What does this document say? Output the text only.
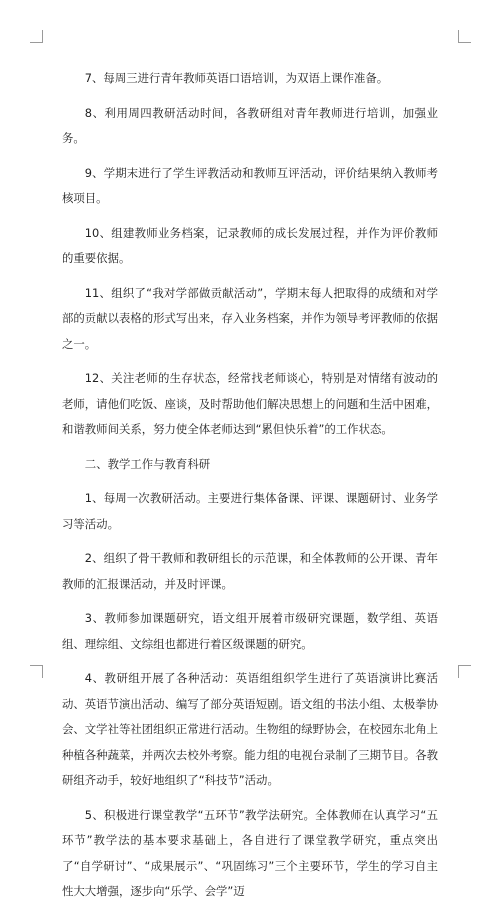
7、每周三进行青年教师英语口语培训，为双语上课作准备。

8、利用周四教研活动时间，各教研组对青年教师进行培训，加强业务。

9、学期末进行了学生评教活动和教师互评活动，评价结果纳入教师考核项目。

10、组建教师业务档案，记录教师的成长发展过程，并作为评价教师的重要依据。

11、组织了“我对学部做贡献活动”，学期末每人把取得的成绩和对学部的贡献以表格的形式写出来，存入业务档案，并作为领导考评教师的依据之一。

12、关注老师的生存状态，经常找老师谈心，特别是对情绪有波动的老师，请他们吃饭、座谈，及时帮助他们解决思想上的问题和生活中困难，和谐教师间关系，努力使全体老师达到“累但快乐着”的工作状态。

二、教学工作与教育科研

1、每周一次教研活动。主要进行集体备课、评课、课题研讨、业务学习等活动。

2、组织了骨干教师和教研组长的示范课，和全体教师的公开课、青年教师的汇报课活动，并及时评课。

3、教师参加课题研究，语文组开展着市级研究课题，数学组、英语组、理综组、文综组也都进行着区级课题的研究。

4、教研组开展了各种活动：英语组组织学生进行了英语演讲比赛活动、英语节演出活动、编写了部分英语短剧。语文组的书法小组、太极拳协会、文学社等社团组织正常进行活动。生物组的绿野协会，在校园东北角上种植各种蔬菜，并两次去校外考察。能力组的电视台录制了三期节目。各教研组齐动手，较好地组织了“科技节”活动。

5、积极进行课堂教学“五环节”教学法研究。全体教师在认真学习“五环节”教学法的基本要求基础上，各自进行了课堂教学研究，重点突出了“自学研讨”、“成果展示”、“巩固练习”三个主要环节，学生的学习自主性大大增强，逐步向“乐学、会学”迈
